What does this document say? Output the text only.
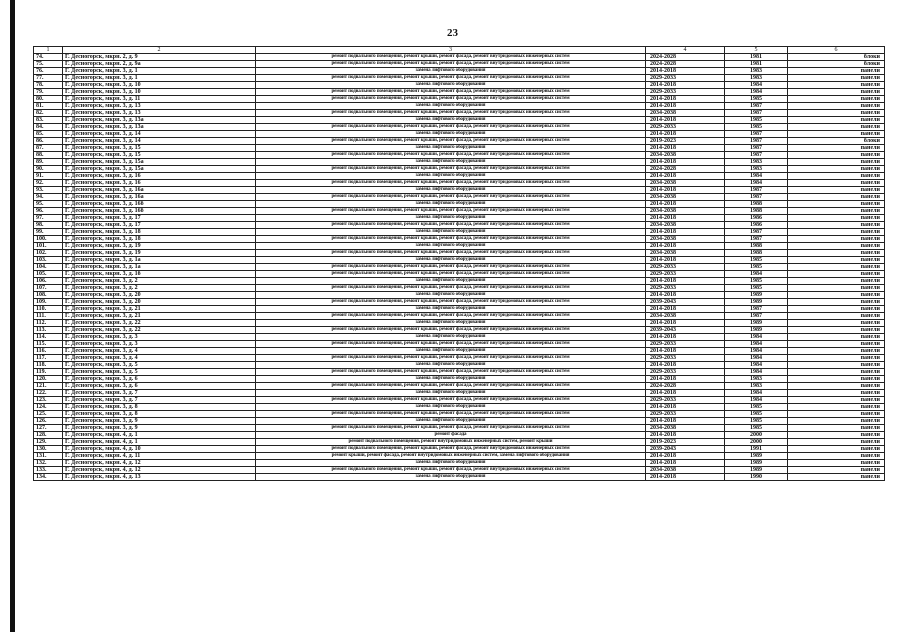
23
1	2	3	4	5	6
74.	Г. Десногорск, мкрн. 2, д. 9	ремонт подвального помещения, ремонт крыши, ремонт фасада, ремонт внутридомовых инженерных систем	2024-2028	1981	блоки
75.	Г. Десногорск, мкрн. 2, д. 9а	ремонт подвального помещения, ремонт крыши, ремонт фасада, ремонт внутридомовых инженерных систем	2024-2028	1981	блоки
76.	Г. Десногорск, мкрн. 3, д. 1	замена лифтового оборудования	2014-2018	1983	панели
77.	Г. Десногорск, мкрн. 3, д. 1	ремонт подвального помещения, ремонт крыши, ремонт фасада, ремонт внутридомовых инженерных систем	2029-2033	1983	панели
78.	Г. Десногорск, мкрн. 3, д. 10	замена лифтового оборудования	2014-2018	1984	панели
79.	Г. Десногорск, мкрн. 3, д. 10	ремонт подвального помещения, ремонт крыши, ремонт фасада, ремонт внутридомовых инженерных систем	2029-2033	1984	панели
80.	Г. Десногорск, мкрн. 3, д. 11	ремонт подвального помещения, ремонт крыши, ремонт фасада, ремонт внутридомовых инженерных систем	2014-2018	1985	панели
81.	Г. Десногорск, мкрн. 3, д. 13	замена лифтового оборудования	2014-2018	1987	панели
82.	Г. Десногорск, мкрн. 3, д. 13	ремонт подвального помещения, ремонт крыши, ремонт фасада, ремонт внутридомовых инженерных систем	2034-2038	1987	панели
83.	Г. Десногорск, мкрн. 3, д. 13а	замена лифтового оборудования	2014-2018	1985	панели
84.	Г. Десногорск, мкрн. 3, д. 13а	ремонт подвального помещения, ремонт крыши, ремонт фасада, ремонт внутридомовых инженерных систем	2029-2033	1985	панели
85.	Г. Десногорск, мкрн. 3, д. 14	замена лифтового оборудования	2014-2018	1987	панели
86.	Г. Десногорск, мкрн. 3, д. 14	ремонт подвального помещения, ремонт крыши, ремонт фасада, ремонт внутридомовых инженерных систем	2019-2023	1987	блоки
87.	Г. Десногорск, мкрн. 3, д. 15	замена лифтового оборудования	2014-2018	1987	панели
88.	Г. Десногорск, мкрн. 3, д. 15	ремонт подвального помещения, ремонт крыши, ремонт фасада, ремонт внутридомовых инженерных систем	2034-2038	1987	панели
89.	Г. Десногорск, мкрн. 3, д. 15а	замена лифтового оборудования	2014-2018	1983	панели
90.	Г. Десногорск, мкрн. 3, д. 15а	ремонт подвального помещения, ремонт крыши, ремонт фасада, ремонт внутридомовых инженерных систем	2024-2028	1983	панели
91.	Г. Десногорск, мкрн. 3, д. 16	замена лифтового оборудования	2014-2018	1984	панели
92.	Г. Десногорск, мкрн. 3, д. 16	ремонт подвального помещения, ремонт крыши, ремонт фасада, ремонт внутридомовых инженерных систем	2034-2038	1984	панели
93.	Г. Десногорск, мкрн. 3, д. 16а	замена лифтового оборудования	2014-2018	1987	панели
94.	Г. Десногорск, мкрн. 3, д. 16а	ремонт подвального помещения, ремонт крыши, ремонт фасада, ремонт внутридомовых инженерных систем	2034-2038	1987	панели
95.	Г. Десногорск, мкрн. 3, д. 16б	замена лифтового оборудования	2014-2018	1988	панели
96.	Г. Десногорск, мкрн. 3, д. 16б	ремонт подвального помещения, ремонт крыши, ремонт фасада, ремонт внутридомовых инженерных систем	2034-2038	1988	панели
97.	Г. Десногорск, мкрн. 3, д. 17	замена лифтового оборудования	2014-2018	1986	панели
98.	Г. Десногорск, мкрн. 3, д. 17	ремонт подвального помещения, ремонт крыши, ремонт фасада, ремонт внутридомовых инженерных систем	2034-2038	1986	панели
99.	Г. Десногорск, мкрн. 3, д. 18	замена лифтового оборудования	2014-2018	1987	панели
100.	Г. Десногорск, мкрн. 3, д. 18	ремонт подвального помещения, ремонт крыши, ремонт фасада, ремонт внутридомовых инженерных систем	2034-2038	1987	панели
101.	Г. Десногорск, мкрн. 3, д. 19	замена лифтового оборудования	2014-2018	1988	панели
102.	Г. Десногорск, мкрн. 3, д. 19	ремонт подвального помещения, ремонт крыши, ремонт фасада, ремонт внутридомовых инженерных систем	2034-2038	1988	панели
103.	Г. Десногорск, мкрн. 3, д. 1а	замена лифтового оборудования	2014-2018	1985	панели
104.	Г. Десногорск, мкрн. 3, д. 1а	ремонт подвального помещения, ремонт крыши, ремонт фасада, ремонт внутридомовых инженерных систем	2029-2033	1985	панели
105.	Г. Десногорск, мкрн. 3, д. 1б	ремонт подвального помещения, ремонт крыши, ремонт фасада, ремонт внутридомовых инженерных систем	2029-2033	1984	панели
106.	Г. Десногорск, мкрн. 3, д. 2	замена лифтового оборудования	2014-2018	1985	панели
107.	Г. Десногорск, мкрн. 3, д. 2	ремонт подвального помещения, ремонт крыши, ремонт фасада, ремонт внутридомовых инженерных систем	2029-2033	1985	панели
108.	Г. Десногорск, мкрн. 3, д. 20	замена лифтового оборудования	2014-2018	1989	панели
109.	Г. Десногорск, мкрн. 3, д. 20	ремонт подвального помещения, ремонт крыши, ремонт фасада, ремонт внутридомовых инженерных систем	2039-2043	1989	панели
110.	Г. Десногорск, мкрн. 3, д. 21	замена лифтового оборудования	2014-2018	1987	панели
111.	Г. Десногорск, мкрн. 3, д. 21	ремонт подвального помещения, ремонт крыши, ремонт фасада, ремонт внутридомовых инженерных систем	2034-2038	1987	панели
112.	Г. Десногорск, мкрн. 3, д. 22	замена лифтового оборудования	2014-2018	1989	панели
113.	Г. Десногорск, мкрн. 3, д. 22	ремонт подвального помещения, ремонт крыши, ремонт фасада, ремонт внутридомовых инженерных систем	2039-2043	1989	панели
114.	Г. Десногорск, мкрн. 3, д. 3	замена лифтового оборудования	2014-2018	1984	панели
115.	Г. Десногорск, мкрн. 3, д. 3	ремонт подвального помещения, ремонт крыши, ремонт фасада, ремонт внутридомовых инженерных систем	2029-2033	1984	панели
116.	Г. Десногорск, мкрн. 3, д. 4	замена лифтового оборудования	2014-2018	1984	панели
117.	Г. Десногорск, мкрн. 3, д. 4	ремонт подвального помещения, ремонт крыши, ремонт фасада, ремонт внутридомовых инженерных систем	2029-2033	1984	панели
118.	Г. Десногорск, мкрн. 3, д. 5	замена лифтового оборудования	2014-2018	1984	панели
119.	Г. Десногорск, мкрн. 3, д. 5	ремонт подвального помещения, ремонт крыши, ремонт фасада, ремонт внутридомовых инженерных систем	2029-2033	1984	панели
120.	Г. Десногорск, мкрн. 3, д. 6	замена лифтового оборудования	2014-2018	1983	панели
121.	Г. Десногорск, мкрн. 3, д. 6	ремонт подвального помещения, ремонт крыши, ремонт фасада, ремонт внутридомовых инженерных систем	2024-2028	1983	панели
122.	Г. Десногорск, мкрн. 3, д. 7	замена лифтового оборудования	2014-2018	1984	панели
123.	Г. Десногорск, мкрн. 3, д. 7	ремонт подвального помещения, ремонт крыши, ремонт фасада, ремонт внутридомовых инженерных систем	2029-2033	1984	панели
124.	Г. Десногорск, мкрн. 3, д. 8	замена лифтового оборудования	2014-2018	1985	панели
125.	Г. Десногорск, мкрн. 3, д. 8	ремонт подвального помещения, ремонт крыши, ремонт фасада, ремонт внутридомовых инженерных систем	2029-2033	1985	панели
126.	Г. Десногорск, мкрн. 3, д. 9	замена лифтового оборудования	2014-2018	1985	панели
127.	Г. Десногорск, мкрн. 3, д. 9	ремонт подвального помещения, ремонт крыши, ремонт фасада, ремонт внутридомовых инженерных систем	2034-2038	1985	панели
128.	Г. Десногорск, мкрн. 4, д. 1	ремонт фасада	2014-2018	2000	панели
129.	Г. Десногорск, мкрн. 4, д. 1	ремонт подвального помещения, ремонт внутридомовых инженерных систем, ремонт крыши	2019-2023	2000	панели
130.	Г. Десногорск, мкрн. 4, д. 10	ремонт подвального помещения, ремонт крыши, ремонт фасада, ремонт внутридомовых инженерных систем	2039-2043	1991	панели
131.	Г. Десногорск, мкрн. 4, д. 11	ремонт крыши, ремонт фасада, ремонт внутридомовых инженерных систем, замена лифтового оборудования	2014-2018	1989	панели
132.	Г. Десногорск, мкрн. 4, д. 12	замена лифтового оборудования	2014-2018	1989	панели
133.	Г. Десногорск, мкрн. 4, д. 12	ремонт подвального помещения, ремонт крыши, ремонт фасада, ремонт внутридомовых инженерных систем	2034-2038	1989	панели
134.	Г. Десногорск, мкрн. 4, д. 13	замена лифтового оборудования	2014-2018	1990	панели
